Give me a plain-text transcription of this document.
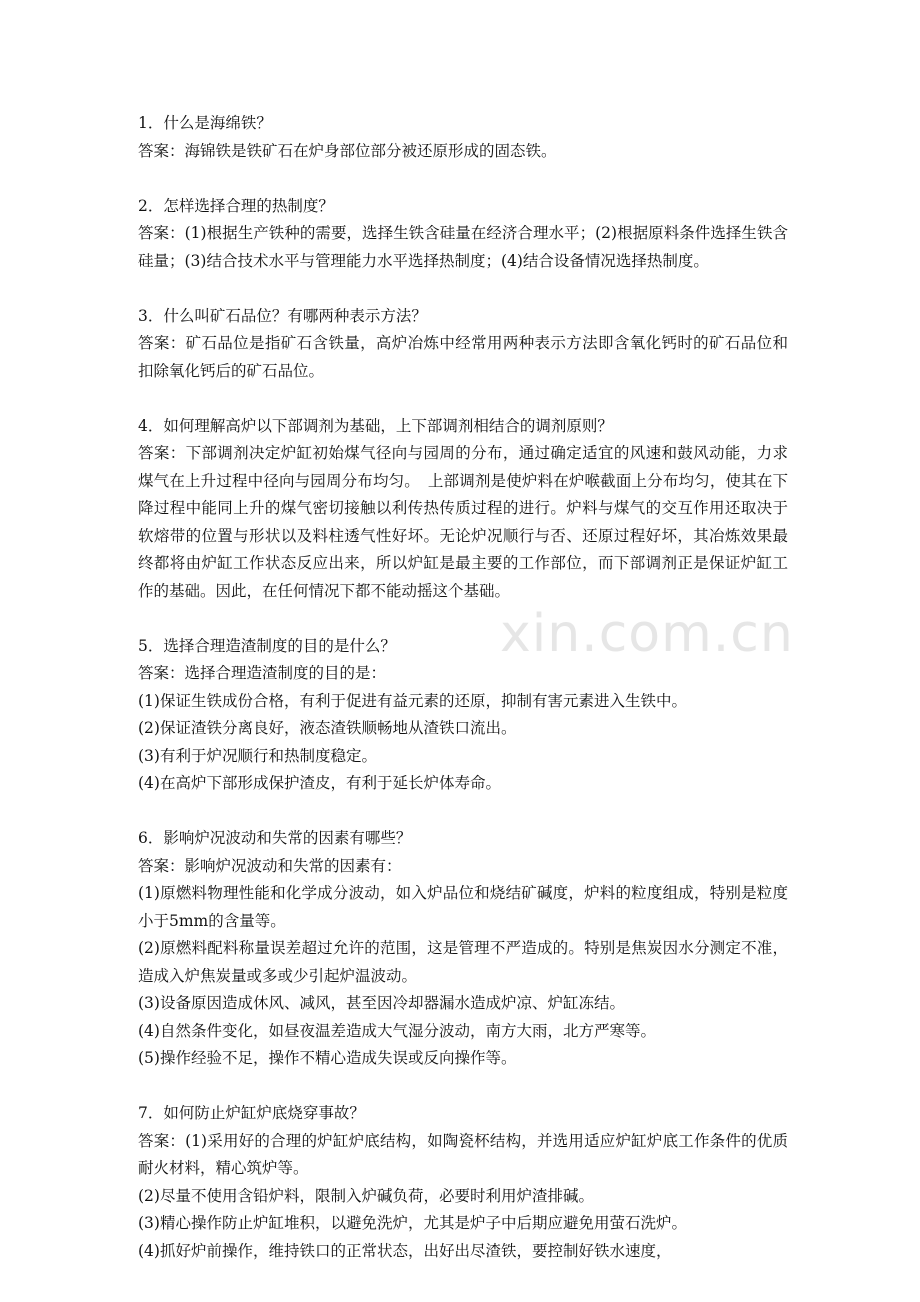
xin.com.cn

1．什么是海绵铁？

答案：海锦铁是铁矿石在炉身部位部分被还原形成的固态铁。

2．怎样选择合理的热制度？

答案：(1)根据生产铁种的需要，选择生铁含硅量在经济合理水平；(2)根据原料条件选择生铁含硅量；(3)结合技术水平与管理能力水平选择热制度；(4)结合设备情况选择热制度。

3．什么叫矿石品位？有哪两种表示方法？

答案：矿石品位是指矿石含铁量，高炉冶炼中经常用两种表示方法即含氧化钙时的矿石品位和扣除氧化钙后的矿石品位。

4．如何理解高炉以下部调剂为基础，上下部调剂相结合的调剂原则？

答案：下部调剂决定炉缸初始煤气径向与园周的分布，通过确定适宜的风速和鼓风动能，力求煤气在上升过程中径向与园周分布均匀。　上部调剂是使炉料在炉喉截面上分布均匀，使其在下降过程中能同上升的煤气密切接触以利传热传质过程的进行。炉料与煤气的交互作用还取决于软熔带的位置与形状以及料柱透气性好坏。无论炉况顺行与否、还原过程好坏，其冶炼效果最终都将由炉缸工作状态反应出来，所以炉缸是最主要的工作部位，而下部调剂正是保证炉缸工作的基础。因此，在任何情况下都不能动摇这个基础。

5．选择合理造渣制度的目的是什么？

答案：选择合理造渣制度的目的是：

(1)保证生铁成份合格，有利于促进有益元素的还原，抑制有害元素进入生铁中。

(2)保证渣铁分离良好，液态渣铁顺畅地从渣铁口流出。

(3)有利于炉况顺行和热制度稳定。

(4)在高炉下部形成保护渣皮，有利于延长炉体寿命。

6．影响炉况波动和失常的因素有哪些？

答案：影响炉况波动和失常的因素有：

(1)原燃料物理性能和化学成分波动，如入炉品位和烧结矿碱度，炉料的粒度组成，特别是粒度小于5mm的含量等。

(2)原燃料配料称量误差超过允许的范围，这是管理不严造成的。特别是焦炭因水分测定不准，造成入炉焦炭量或多或少引起炉温波动。

(3)设备原因造成休风、减风，甚至因冷却器漏水造成炉凉、炉缸冻结。

(4)自然条件变化，如昼夜温差造成大气湿分波动，南方大雨，北方严寒等。

(5)操作经验不足，操作不精心造成失误或反向操作等。

7．如何防止炉缸炉底烧穿事故？

答案：(1)采用好的合理的炉缸炉底结构，如陶瓷杯结构，并选用适应炉缸炉底工作条件的优质耐火材料，精心筑炉等。

(2)尽量不使用含铅炉料，限制入炉碱负荷，必要时利用炉渣排碱。

(3)精心操作防止炉缸堆积，以避免洗炉，尤其是炉子中后期应避免用萤石洗炉。

(4)抓好炉前操作，维持铁口的正常状态，出好出尽渣铁，要控制好铁水速度，
